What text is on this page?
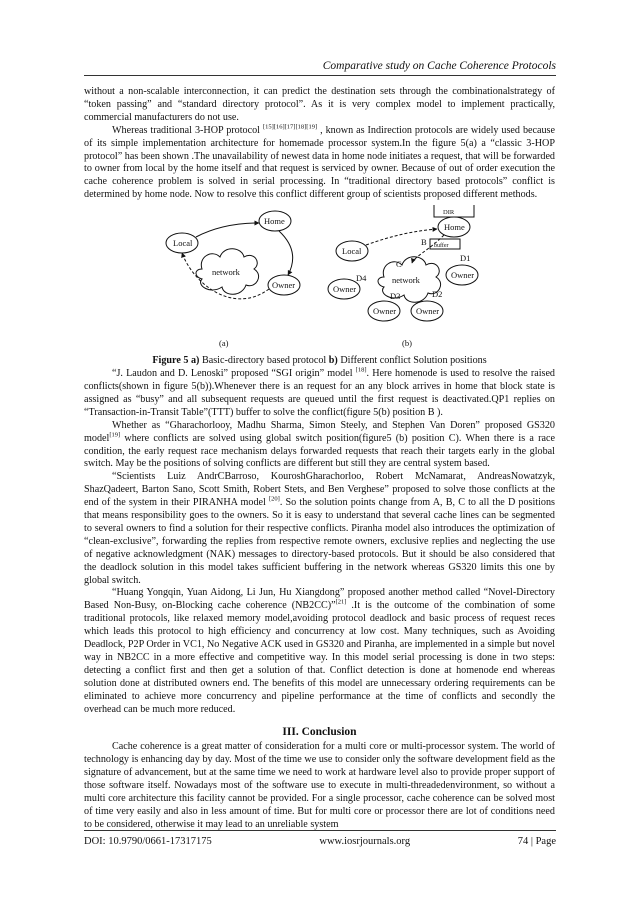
Comparative study on Cache Coherence Protocols

without a non-scalable interconnection, it can predict the destination sets through the combinationalstrategy of “token passing” and “standard directory protocol”. As it is very complex model to implement practically, commercial manufacturers do not use.

Whereas traditional 3-HOP protocol [15][16][17][18][19] , known as Indirection protocols are widely used because of its simple implementation architecture for homemade processor system.In the figure 5(a) a “classic 3-HOP protocol” has been shown .The unavailability of newest data in home node initiates a request, that will be forwarded to owner from local by the home itself and that request is serviced by owner. Because of out of order execution the cache coherence problem is solved in serial processing. In “traditional directory based protocols” conflict is determined by home node. Now to resolve this conflict different group of scientists proposed different methods.

Local
Home
network
Owner
(a)
DIR
B
Home
buffer
Local
C
network
D1
Owner
D4
Owner	D2
D3
Owner Owner
(b)

Figure 5 a) Basic-directory based protocol b) Different conflict Solution positions

“J. Laudon and D. Lenoski” proposed “SGI origin” model [18]. Here homenode is used to resolve the raised conflicts(shown in figure 5(b)).Whenever there is an request for an any block arrives in home that block state is assigned as “busy” and all subsequent requests are queued until the first request is deactivated.QP1 replies on “Transaction-in-Transit Table”(TTT) buffer to solve the conflict(figure 5(b) position B ).

Whether as “Gharachorlooy, Madhu Sharma, Simon Steely, and Stephen Van Doren” proposed GS320 model[19] where conflicts are solved using global switch position(figure5 (b) position C). When there is a race condition, the early request race mechanism delays forwarded requests that reach their targets early in the global switch. May be the positions of solving conflicts are different but still they are central system based.

“Scientists Luiz AndrCBarroso, KouroshGharachorloo, Robert McNamarat, AndreasNowatzyk, ShazQadeert, Barton Sano, Scott Smith, Robert Stets, and Ben Verghese” proposed to solve those conflicts at the end of the system in their PIRANHA model [20]. So the solution points change from A, B, C to all the D positions that means responsibility goes to the owners. So it is easy to understand that several cache lines can be segmented to several owners to find a solution for their respective conflicts. Piranha model also introduces the optimization of “clean-exclusive”, forwarding the replies from respective remote owners, exclusive replies and neglecting the use of negative acknowledgment (NAK) messages to directory-based protocols. But it should be also considered that the deadlock solution in this model takes sufficient buffering in the network whereas GS320 limits this one by global switch.

“Huang Yongqin, Yuan Aidong, Li Jun, Hu Xiangdong” proposed another method called “Novel-Directory Based Non-Busy, on-Blocking cache coherence (NB2CC)”[21] .It is the outcome of the combination of some traditional protocols, like relaxed memory model,avoiding protocol deadlock and basic process of request reces which leads this protocol to high efficiency and concurrency at low cost. Many techniques, such as Avoiding Deadlock, P2P Order in VC1, No Negative ACK used in GS320 and Piranha, are implemented in a simple but novel way in NB2CC in a more effective and competitive way. In this model serial processing is done in two steps: detecting a conflict first and then get a solution of that. Conflict detection is done at homenode end whereas solution done at distributed owners end. The benefits of this model are unnecessary ordering requirements can be eliminated to achieve more concurrency and pipeline performance at the time of conflicts and secondly the overhead can be much more reduced.

III. Conclusion

Cache coherence is a great matter of consideration for a multi core or multi-processor system. The world of technology is enhancing day by day. Most of the time we use to consider only the software development field as the signature of advancement, but at the same time we need to work at hardware level also to provide proper support of those software itself. Nowadays most of the software use to execute in multi-threadedenvironment, so without a multi core architecture this facility cannot be provided. For a single processor, cache coherence can be solved most of time very easily and also in less amount of time. But for multi core or processor there are lot of conditions need to be considered, otherwise it may lead to an unreliable system

DOI: 10.9790/0661-17317175	www.iosrjournals.org	74 | Page
